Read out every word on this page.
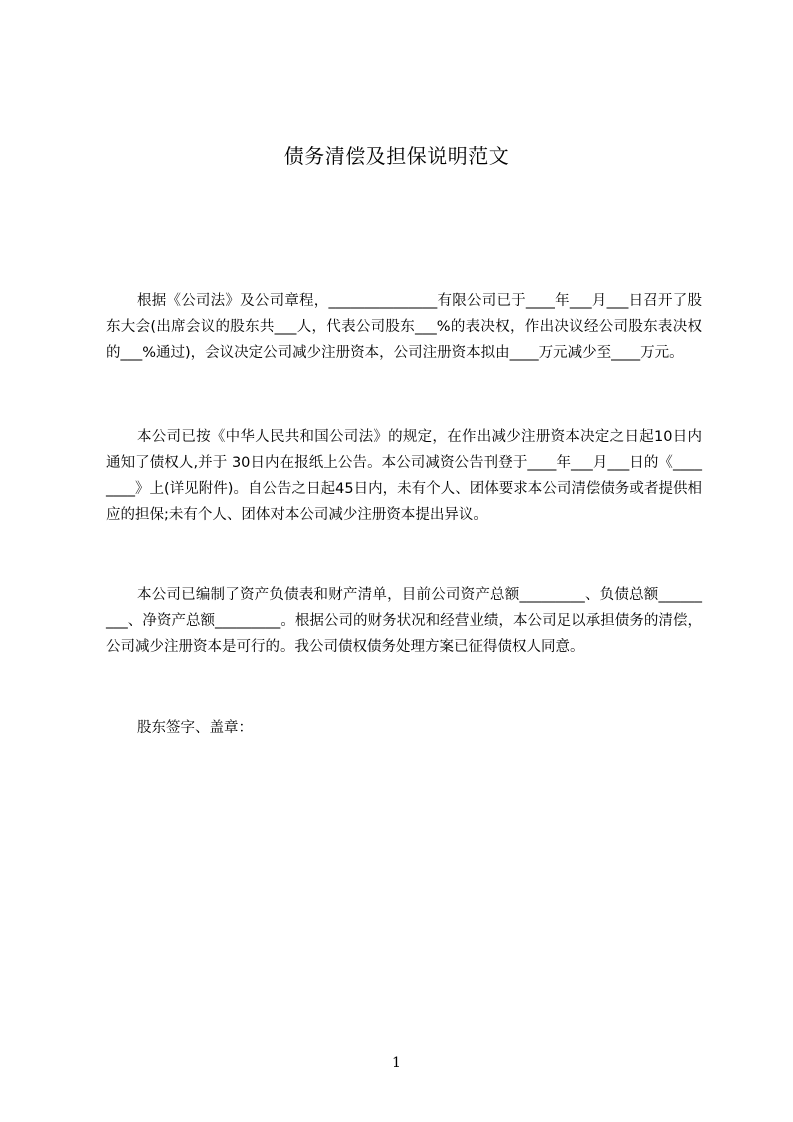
债务清偿及担保说明范文

根据《公司法》及公司章程，_______________有限公司已于____年___月___日召开了股东大会(出席会议的股东共___人，代表公司股东___%的表决权，作出决议经公司股东表决权的___%通过)，会议决定公司减少注册资本，公司注册资本拟由____万元减少至____万元。

本公司已按《中华人民共和国公司法》的规定，在作出减少注册资本决定之日起10日内通知了债权人,并于 30日内在报纸上公告。本公司减资公告刊登于____年___月___日的《________》上(详见附件)。自公告之日起45日内，未有个人、团体要求本公司清偿债务或者提供相应的担保;未有个人、团体对本公司减少注册资本提出异议。

本公司已编制了资产负债表和财产清单，目前公司资产总额_________、负债总额_________、净资产总额_________。根据公司的财务状况和经营业绩，本公司足以承担债务的清偿，公司减少注册资本是可行的。我公司债权债务处理方案已征得债权人同意。

股东签字、盖章：

1
